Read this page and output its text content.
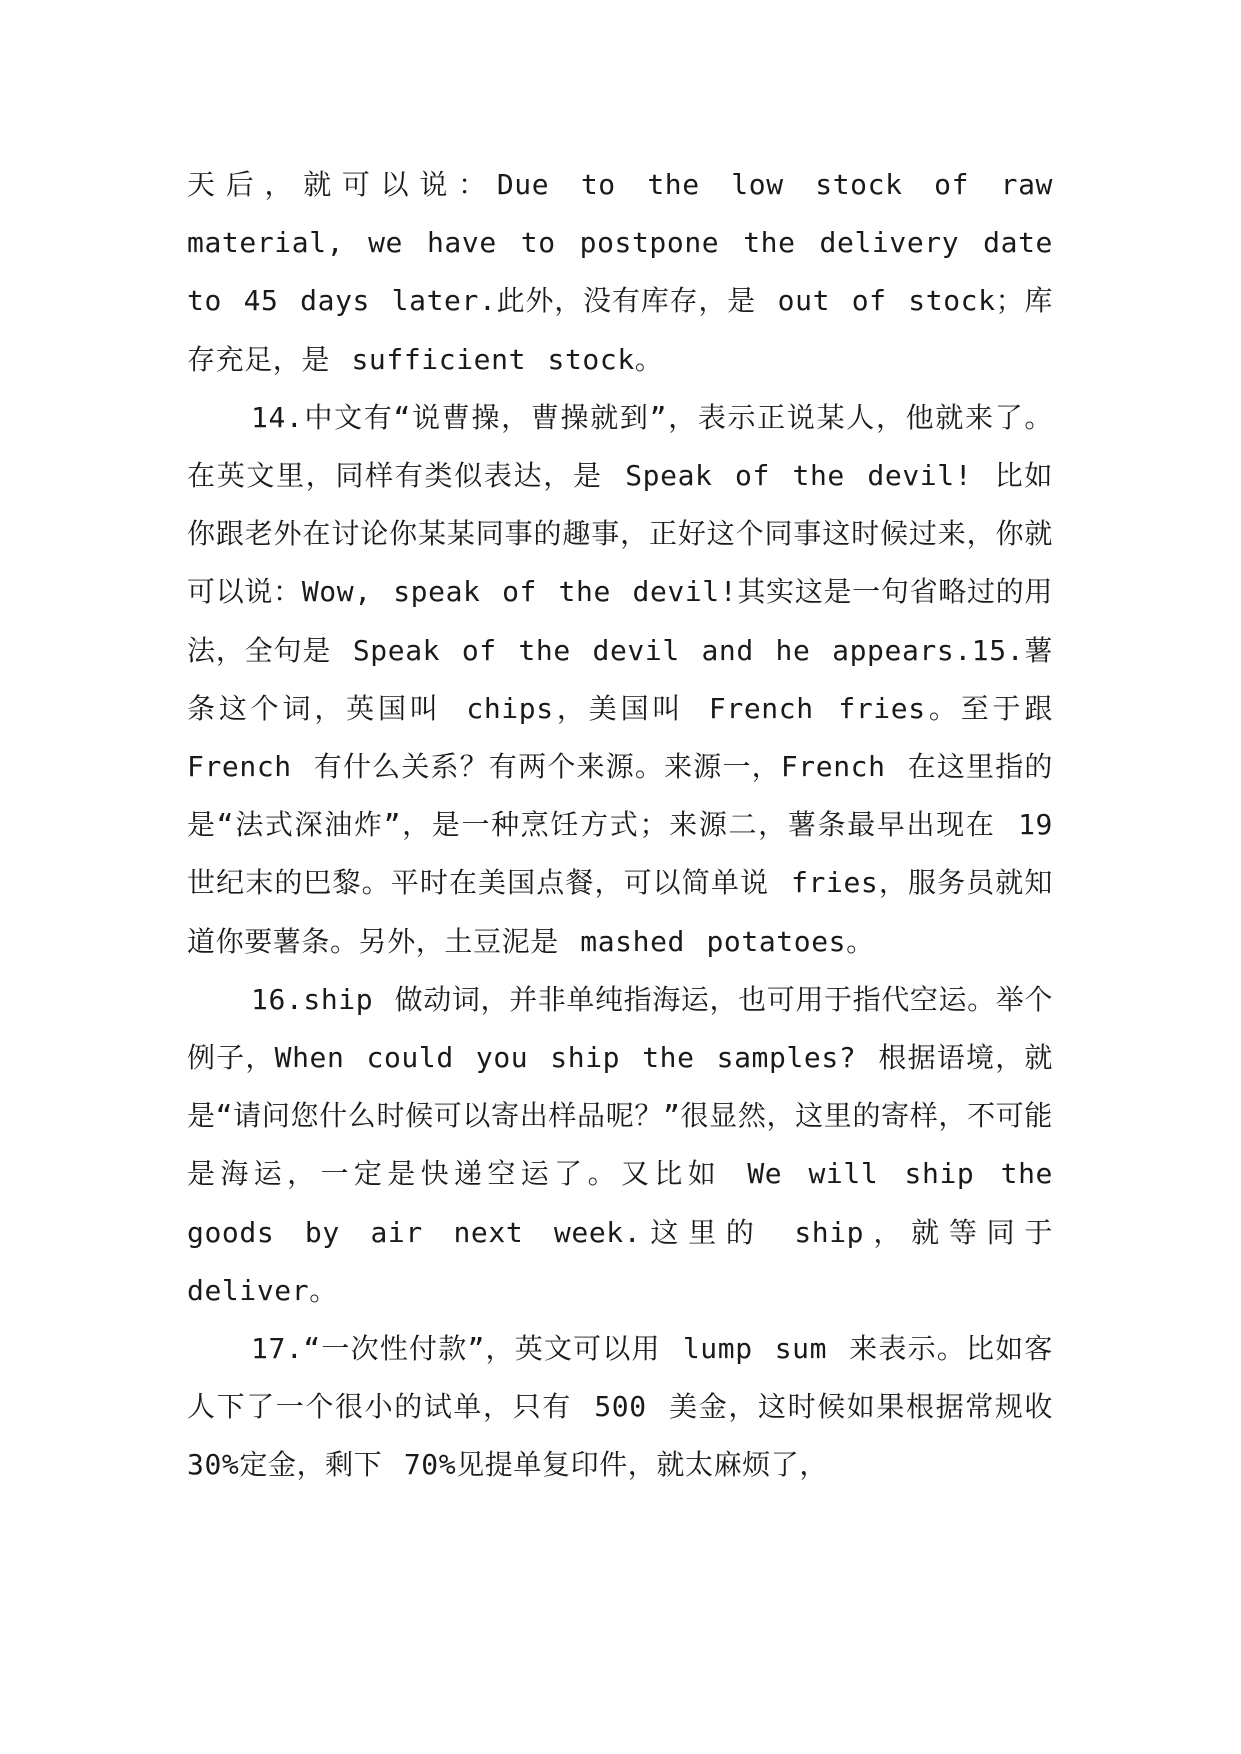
天后，就可以说：Due to the low stock of raw material, we have to postpone the delivery date to 45 days later.此外，没有库存，是 out of stock；库存充足，是 sufficient stock。

14.中文有“说曹操，曹操就到”，表示正说某人，他就来了。在英文里，同样有类似表达，是 Speak of the devil! 比如你跟老外在讨论你某某同事的趣事，正好这个同事这时候过来，你就可以说：Wow, speak of the devil!其实这是一句省略过的用法，全句是 Speak of the devil and he appears.15.薯条这个词，英国叫 chips，美国叫 French fries。至于跟 French 有什么关系？有两个来源。来源一，French 在这里指的是“法式深油炸”，是一种烹饪方式；来源二，薯条最早出现在 19 世纪末的巴黎。平时在美国点餐，可以简单说 fries，服务员就知道你要薯条。另外，土豆泥是 mashed potatoes。

16.ship 做动词，并非单纯指海运，也可用于指代空运。举个例子，When could you ship the samples? 根据语境，就是“请问您什么时候可以寄出样品呢？”很显然，这里的寄样，不可能是海运，一定是快递空运了。又比如 We will ship the goods by air next week.这里的 ship，就等同于 deliver。

17.“一次性付款”，英文可以用 lump sum 来表示。比如客人下了一个很小的试单，只有 500 美金，这时候如果根据常规收 30%定金，剩下 70%见提单复印件，就太麻烦了，
